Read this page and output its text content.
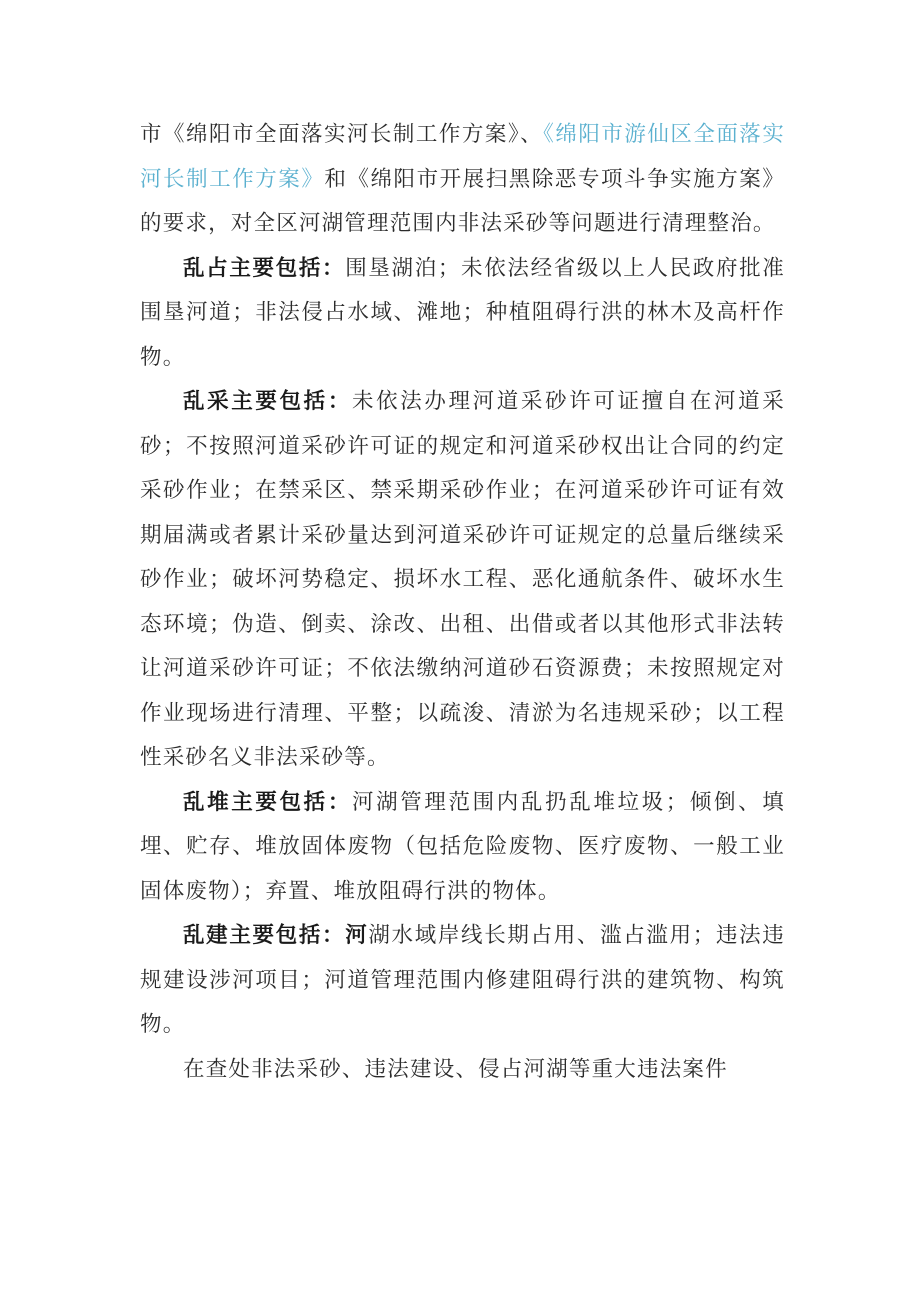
市《绵阳市全面落实河长制工作方案》、《绵阳市游仙区全面落实河长制工作方案》和《绵阳市开展扫黑除恶专项斗争实施方案》的要求，对全区河湖管理范围内非法采砂等问题进行清理整治。

乱占主要包括：围垦湖泊；未依法经省级以上人民政府批准围垦河道；非法侵占水域、滩地；种植阻碍行洪的林木及高杆作物。

乱采主要包括：未依法办理河道采砂许可证擅自在河道采砂；不按照河道采砂许可证的规定和河道采砂权出让合同的约定采砂作业；在禁采区、禁采期采砂作业；在河道采砂许可证有效期届满或者累计采砂量达到河道采砂许可证规定的总量后继续采砂作业；破坏河势稳定、损坏水工程、恶化通航条件、破坏水生态环境；伪造、倒卖、涂改、出租、出借或者以其他形式非法转让河道采砂许可证；不依法缴纳河道砂石资源费；未按照规定对作业现场进行清理、平整；以疏浚、清淤为名违规采砂；以工程性采砂名义非法采砂等。

乱堆主要包括：河湖管理范围内乱扔乱堆垃圾；倾倒、填埋、贮存、堆放固体废物（包括危险废物、医疗废物、一般工业固体废物）；弃置、堆放阻碍行洪的物体。

乱建主要包括：河湖水域岸线长期占用、滥占滥用；违法违规建设涉河项目；河道管理范围内修建阻碍行洪的建筑物、构筑物。

在查处非法采砂、违法建设、侵占河湖等重大违法案件
